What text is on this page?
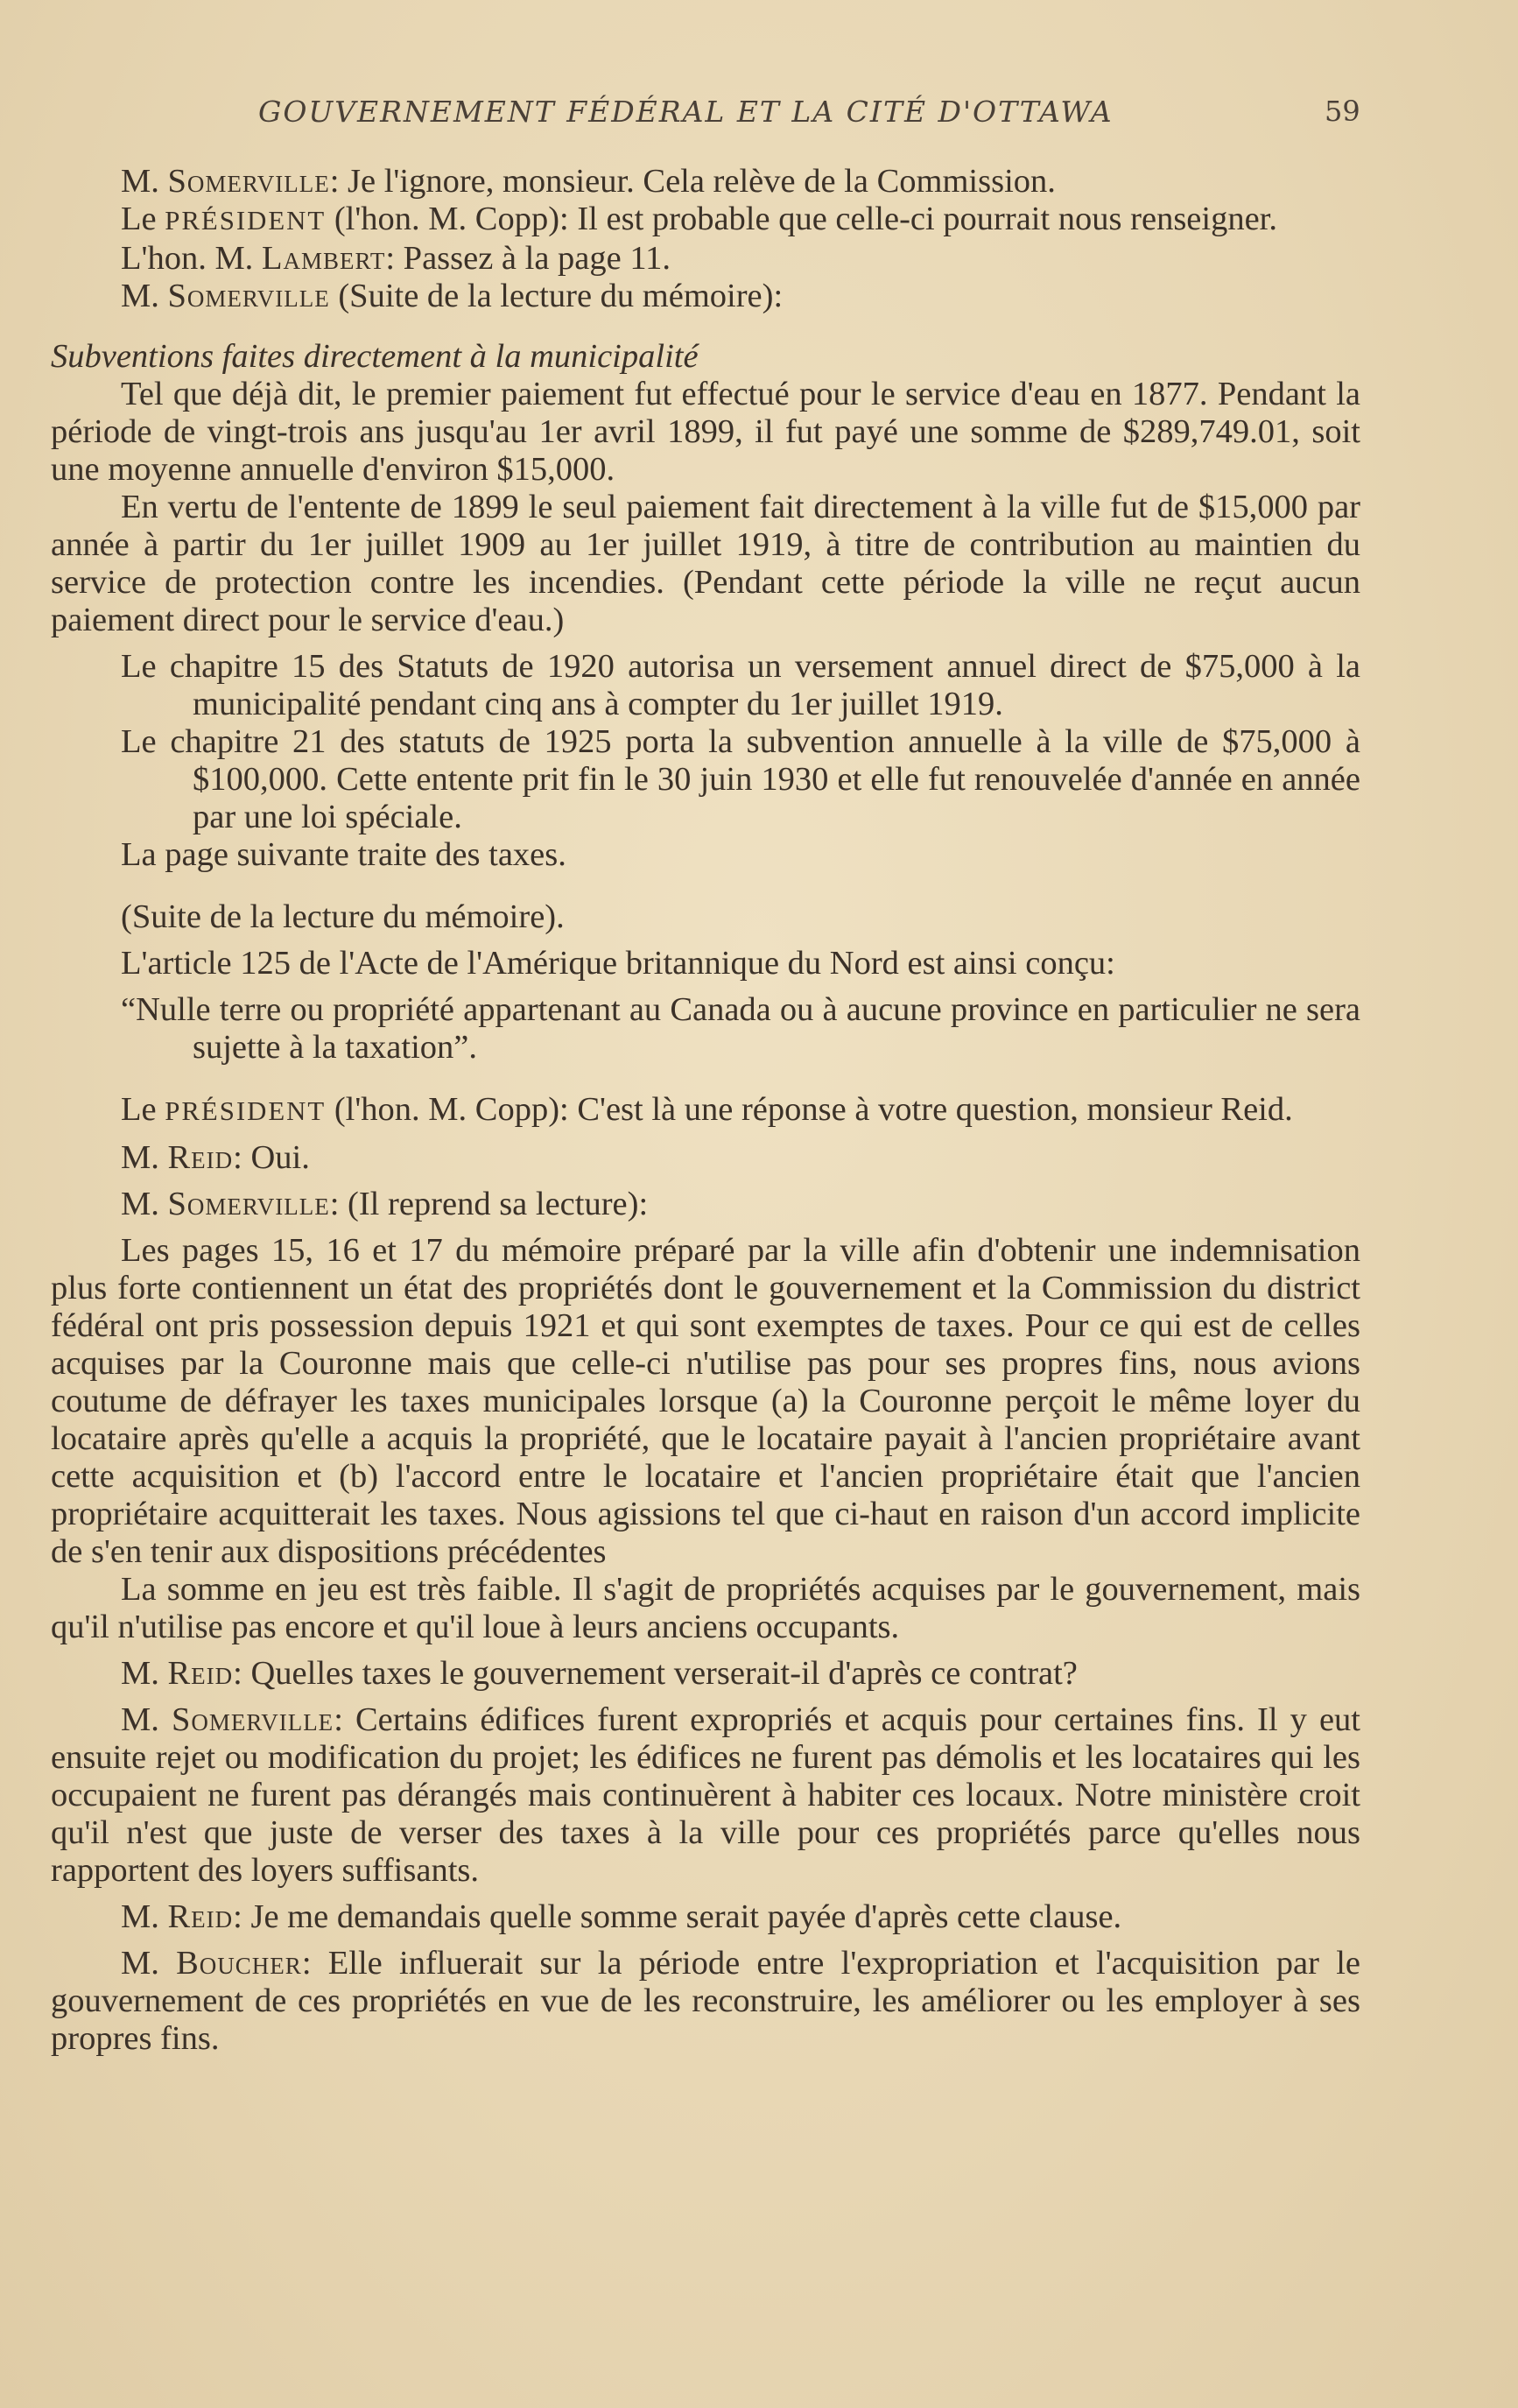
GOUVERNEMENT FÉDÉRAL ET LA CITÉ D'OTTAWA	59

M. Somerville: Je l'ignore, monsieur. Cela relève de la Commission.

Le PRÉSIDENT (l'hon. M. Copp): Il est probable que celle-ci pourrait nous renseigner.

L'hon. M. Lambert: Passez à la page 11.

M. Somerville (Suite de la lecture du mémoire):

Subventions faites directement à la municipalité

Tel que déjà dit, le premier paiement fut effectué pour le service d'eau en 1877. Pendant la période de vingt-trois ans jusqu'au 1er avril 1899, il fut payé une somme de $289,749.01, soit une moyenne annuelle d'environ $15,000.

En vertu de l'entente de 1899 le seul paiement fait directement à la ville fut de $15,000 par année à partir du 1er juillet 1909 au 1er juillet 1919, à titre de contribution au maintien du service de protection contre les incendies. (Pendant cette période la ville ne reçut aucun paiement direct pour le service d'eau.)

Le chapitre 15 des Statuts de 1920 autorisa un versement annuel direct de $75,000 à la municipalité pendant cinq ans à compter du 1er juillet 1919.

Le chapitre 21 des statuts de 1925 porta la subvention annuelle à la ville de $75,000 à $100,000. Cette entente prit fin le 30 juin 1930 et elle fut renouvelée d'année en année par une loi spéciale.

La page suivante traite des taxes.

(Suite de la lecture du mémoire).

L'article 125 de l'Acte de l'Amérique britannique du Nord est ainsi conçu:

“Nulle terre ou propriété appartenant au Canada ou à aucune province en particulier ne sera sujette à la taxation”.

Le PRÉSIDENT (l'hon. M. Copp): C'est là une réponse à votre question, monsieur Reid.

M. Reid: Oui.

M. Somerville: (Il reprend sa lecture):

Les pages 15, 16 et 17 du mémoire préparé par la ville afin d'obtenir une indemnisation plus forte contiennent un état des propriétés dont le gouvernement et la Commission du district fédéral ont pris possession depuis 1921 et qui sont exemptes de taxes. Pour ce qui est de celles acquises par la Couronne mais que celle-ci n'utilise pas pour ses propres fins, nous avions coutume de défrayer les taxes municipales lorsque (a) la Couronne perçoit le même loyer du locataire après qu'elle a acquis la propriété, que le locataire payait à l'ancien propriétaire avant cette acquisition et (b) l'accord entre le locataire et l'ancien propriétaire était que l'ancien propriétaire acquitterait les taxes. Nous agissions tel que ci-haut en raison d'un accord implicite de s'en tenir aux dispositions précédentes

La somme en jeu est très faible. Il s'agit de propriétés acquises par le gouvernement, mais qu'il n'utilise pas encore et qu'il loue à leurs anciens occupants.

M. Reid: Quelles taxes le gouvernement verserait-il d'après ce contrat?

M. Somerville: Certains édifices furent expropriés et acquis pour certaines fins. Il y eut ensuite rejet ou modification du projet; les édifices ne furent pas démolis et les locataires qui les occupaient ne furent pas dérangés mais continuèrent à habiter ces locaux. Notre ministère croit qu'il n'est que juste de verser des taxes à la ville pour ces propriétés parce qu'elles nous rapportent des loyers suffisants.

M. Reid: Je me demandais quelle somme serait payée d'après cette clause.

M. Boucher: Elle influerait sur la période entre l'expropriation et l'acquisition par le gouvernement de ces propriétés en vue de les reconstruire, les améliorer ou les employer à ses propres fins.
